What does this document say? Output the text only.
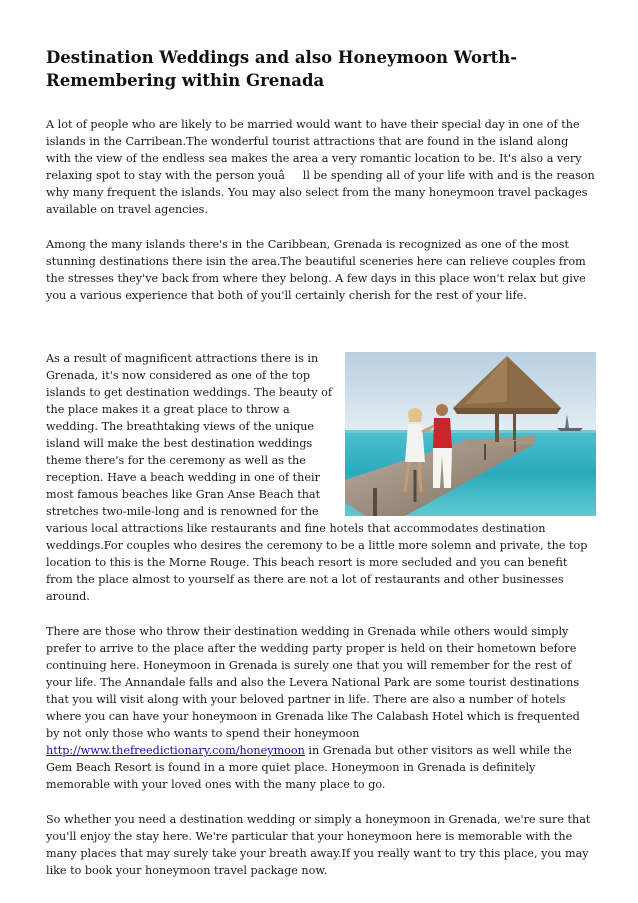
Destination Weddings and also Honeymoon Worth-Remembering within Grenada

A lot of people who are likely to be married would want to have their special day in one of the islands in the Carribean.The wonderful tourist attractions that are found in the island along with the view of the endless sea makes the area a very romantic location to be. It's also a very relaxing spot to stay with the person youâll be spending all of your life with and is the reason why many frequent the islands. You may also select from the many honeymoon travel packages available on travel agencies.

Among the many islands there's in the Caribbean, Grenada is recognized as one of the most stunning destinations there isin the area.The beautiful sceneries here can relieve couples from the stresses they've back from where they belong. A few days in this place won't relax but give you a various experience that both of you'll certainly cherish for the rest of your life.

As a result of magnificent attractions there is in Grenada, it's now considered as one of the top islands to get destination weddings. The beauty of the place makes it a great place to throw a wedding. The breathtaking views of the unique island will make the best destination weddings theme there's for the ceremony as well as the reception. Have a beach wedding in one of their most famous beaches like Gran Anse Beach that stretches two-mile-long and is renowned for the various local attractions like restaurants and fine hotels that accommodates destination weddings.For couples who desires the ceremony to be a little more solemn and private, the top location to this is the Morne Rouge. This beach resort is more secluded and you can benefit from the place almost to yourself as there are not a lot of restaurants and other businesses around.

There are those who throw their destination wedding in Grenada while others would simply prefer to arrive to the place after the wedding party proper is held on their hometown before continuing here. Honeymoon in Grenada is surely one that you will remember for the rest of your life. The Annandale falls and also the Levera National Park are some tourist destinations that you will visit along with your beloved partner in life. There are also a number of hotels where you can have your honeymoon in Grenada like The Calabash Hotel which is frequented by not only those who wants to spend their honeymoon http://www.thefreedictionary.com/honeymoon in Grenada but other visitors as well while the Gem Beach Resort is found in a more quiet place. Honeymoon in Grenada is definitely memorable with your loved ones with the many place to go.

So whether you need a destination wedding or simply a honeymoon in Grenada, we're sure that you'll enjoy the stay here. We're particular that your honeymoon here is memorable with the many places that may surely take your breath away.If you really want to try this place, you may like to book your honeymoon travel package now.
